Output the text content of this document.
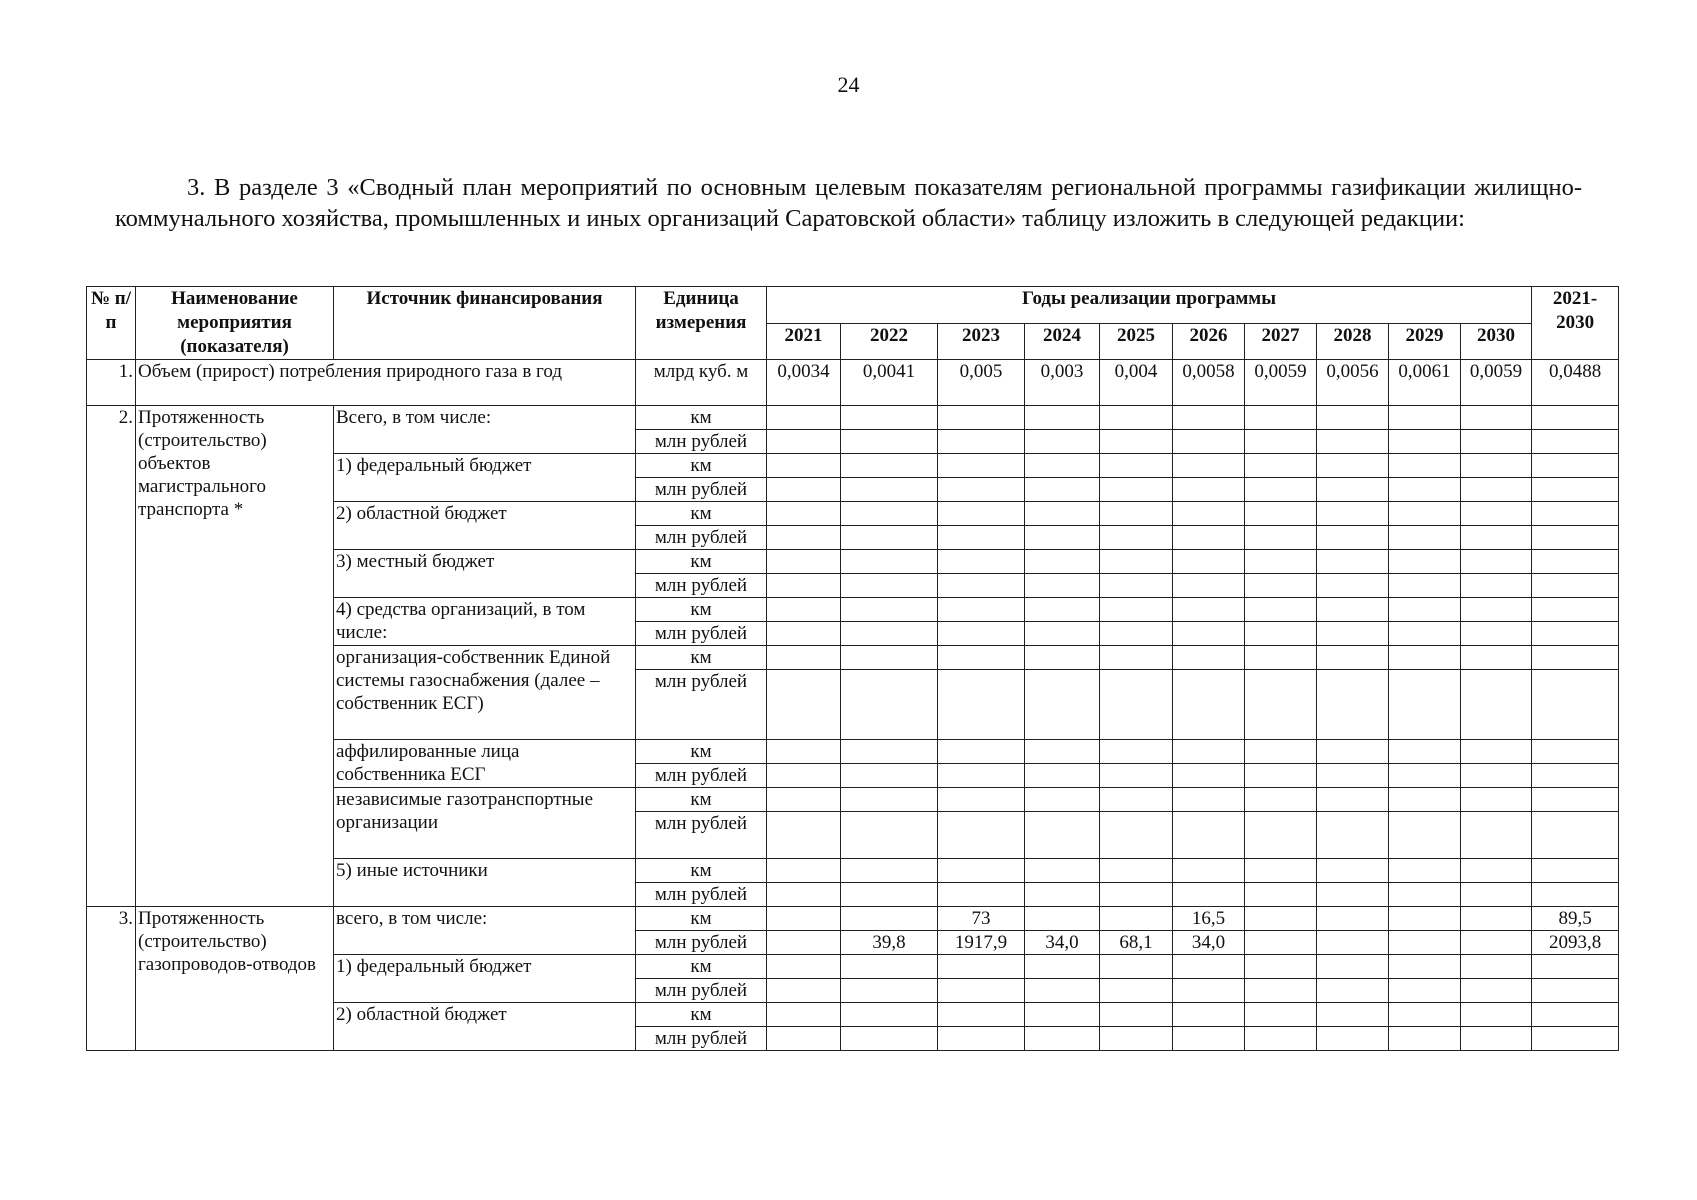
24

3. В разделе 3 «Сводный план мероприятий по основным целевым показателям региональной программы газификации жилищно-коммунального хозяйства, промышленных и иных организаций Саратовской области» таблицу изложить в следующей редакции:

№ п/п	Наименование мероприятия (показателя)	Источник финансирования	Единица измерения	Годы реализации программы										2021-2030
				2021	2022	2023	2024	2025	2026	2027	2028	2029	2030	
1.	Объем (прирост) потребления природного газа в год		млрд куб. м	0,0034	0,0041	0,005	0,003	0,004	0,0058	0,0059	0,0056	0,0061	0,0059	0,0488
2.	Протяженность (строительство) объектов магистрального транспорта *	Всего, в том числе:	км											
			млн рублей											
		1) федеральный бюджет	км											
			млн рублей											
		2) областной бюджет	км											
			млн рублей											
		3) местный бюджет	км											
			млн рублей											
		4) средства организаций, в том числе:	км											
			млн рублей											
		организация-собственник Единой системы газоснабжения (далее – собственник ЕСГ)	км											
			млн рублей											
		аффилированные лица собственника ЕСГ	км											
			млн рублей											
		независимые газотранспортные организации	км											
			млн рублей											
		5) иные источники	км											
			млн рублей											
3.	Протяженность (строительство) газопроводов-отводов	всего, в том числе:	км			73			16,5					89,5
			млн рублей		39,8	1917,9	34,0	68,1	34,0					2093,8
		1) федеральный бюджет	км											
			млн рублей											
		2) областной бюджет	км											
			млн рублей											
